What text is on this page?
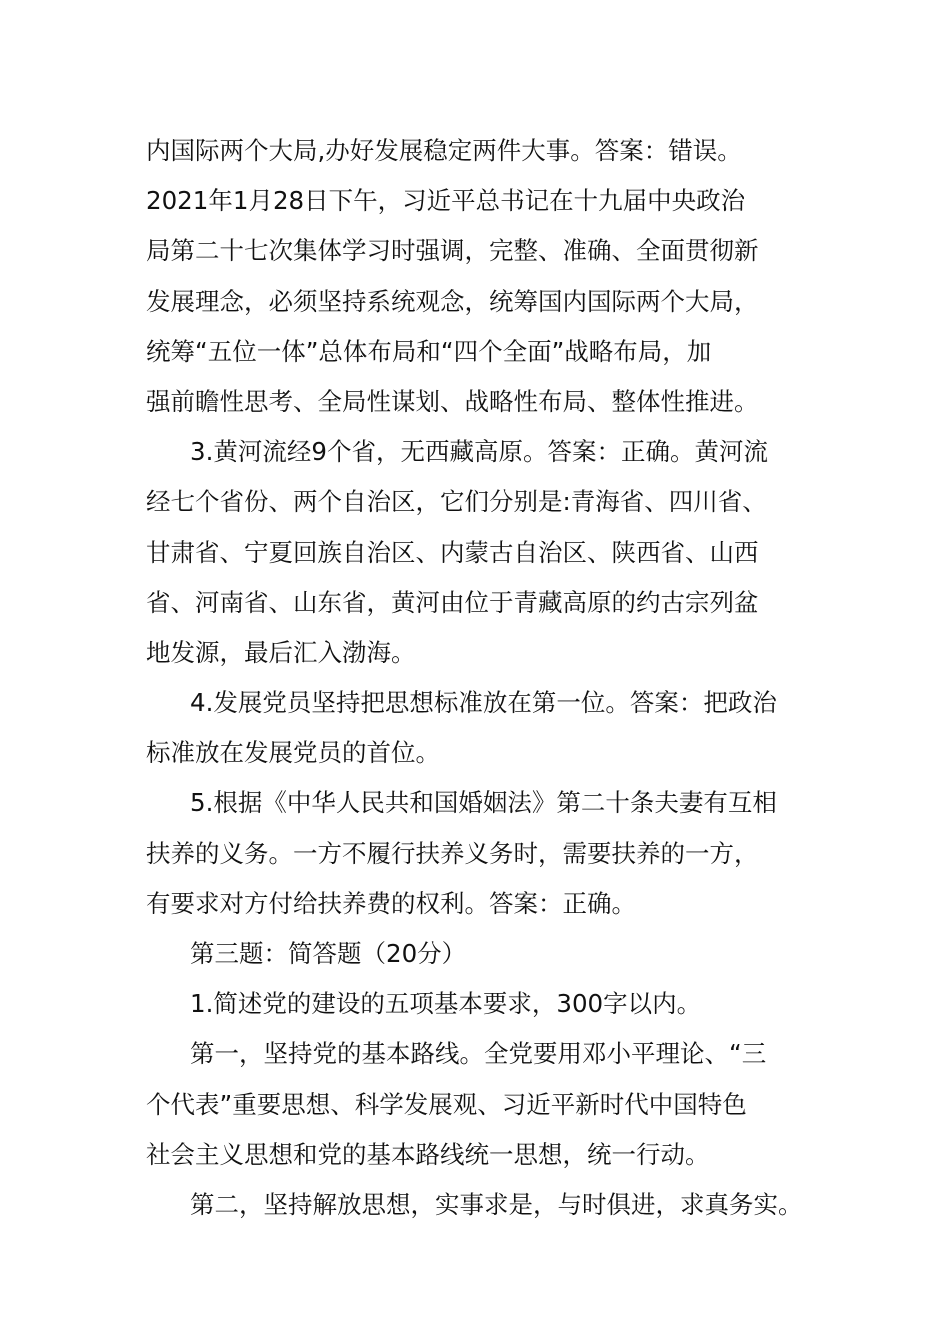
内国际两个大局,办好发展稳定两件大事。答案：错误。
2021年1月28日下午，习近平总书记在十九届中央政治
局第二十七次集体学习时强调，完整、准确、全面贯彻新
发展理念，必须坚持系统观念，统筹国内国际两个大局，
统筹“五位一体”总体布局和“四个全面”战略布局，加
强前瞻性思考、全局性谋划、战略性布局、整体性推进。
3.黄河流经9个省，无西藏高原。答案：正确。黄河流
经七个省份、两个自治区，它们分别是:青海省、四川省、
甘肃省、宁夏回族自治区、内蒙古自治区、陕西省、山西
省、河南省、山东省，黄河由位于青藏高原的约古宗列盆
地发源，最后汇入渤海。
4.发展党员坚持把思想标准放在第一位。答案：把政治
标准放在发展党员的首位。
5.根据《中华人民共和国婚姻法》第二十条夫妻有互相
扶养的义务。一方不履行扶养义务时，需要扶养的一方，
有要求对方付给扶养费的权利。答案：正确。
第三题：简答题（20分）
1.简述党的建设的五项基本要求，300字以内。
第一，坚持党的基本路线。全党要用邓小平理论、“三
个代表”重要思想、科学发展观、习近平新时代中国特色
社会主义思想和党的基本路线统一思想，统一行动。
第二，坚持解放思想，实事求是，与时俱进，求真务实。
